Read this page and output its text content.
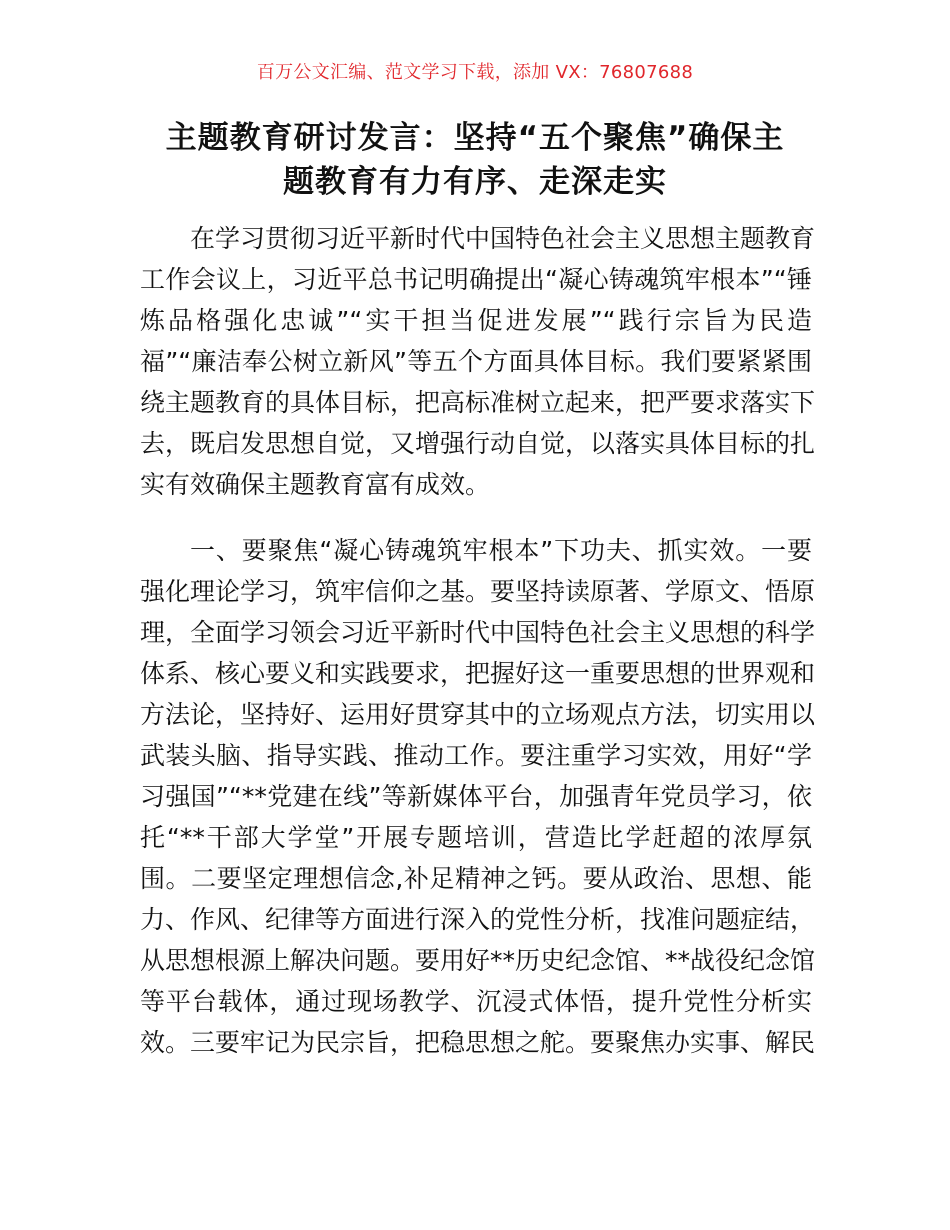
百万公文汇编、范文学习下载，添加 VX：76807688
主题教育研讨发言：坚持“五个聚焦”确保主
题教育有力有序、走深走实
在学习贯彻习近平新时代中国特色社会主义思想主题教育
工作会议上，习近平总书记明确提出“凝心铸魂筑牢根本”“锤
炼品格强化忠诚”“实干担当促进发展”“践行宗旨为民造
福”“廉洁奉公树立新风”等五个方面具体目标。我们要紧紧围
绕主题教育的具体目标，把高标准树立起来，把严要求落实下
去，既启发思想自觉，又增强行动自觉，以落实具体目标的扎
实有效确保主题教育富有成效。
一、要聚焦“凝心铸魂筑牢根本”下功夫、抓实效。一要
强化理论学习，筑牢信仰之基。要坚持读原著、学原文、悟原
理，全面学习领会习近平新时代中国特色社会主义思想的科学
体系、核心要义和实践要求，把握好这一重要思想的世界观和
方法论，坚持好、运用好贯穿其中的立场观点方法，切实用以
武装头脑、指导实践、推动工作。要注重学习实效，用好“学
习强国”“**党建在线”等新媒体平台，加强青年党员学习，依
托“**干部大学堂”开展专题培训，营造比学赶超的浓厚氛
围。二要坚定理想信念,补足精神之钙。要从政治、思想、能
力、作风、纪律等方面进行深入的党性分析，找准问题症结，
从思想根源上解决问题。要用好**历史纪念馆、**战役纪念馆
等平台载体，通过现场教学、沉浸式体悟，提升党性分析实
效。三要牢记为民宗旨，把稳思想之舵。要聚焦办实事、解民
